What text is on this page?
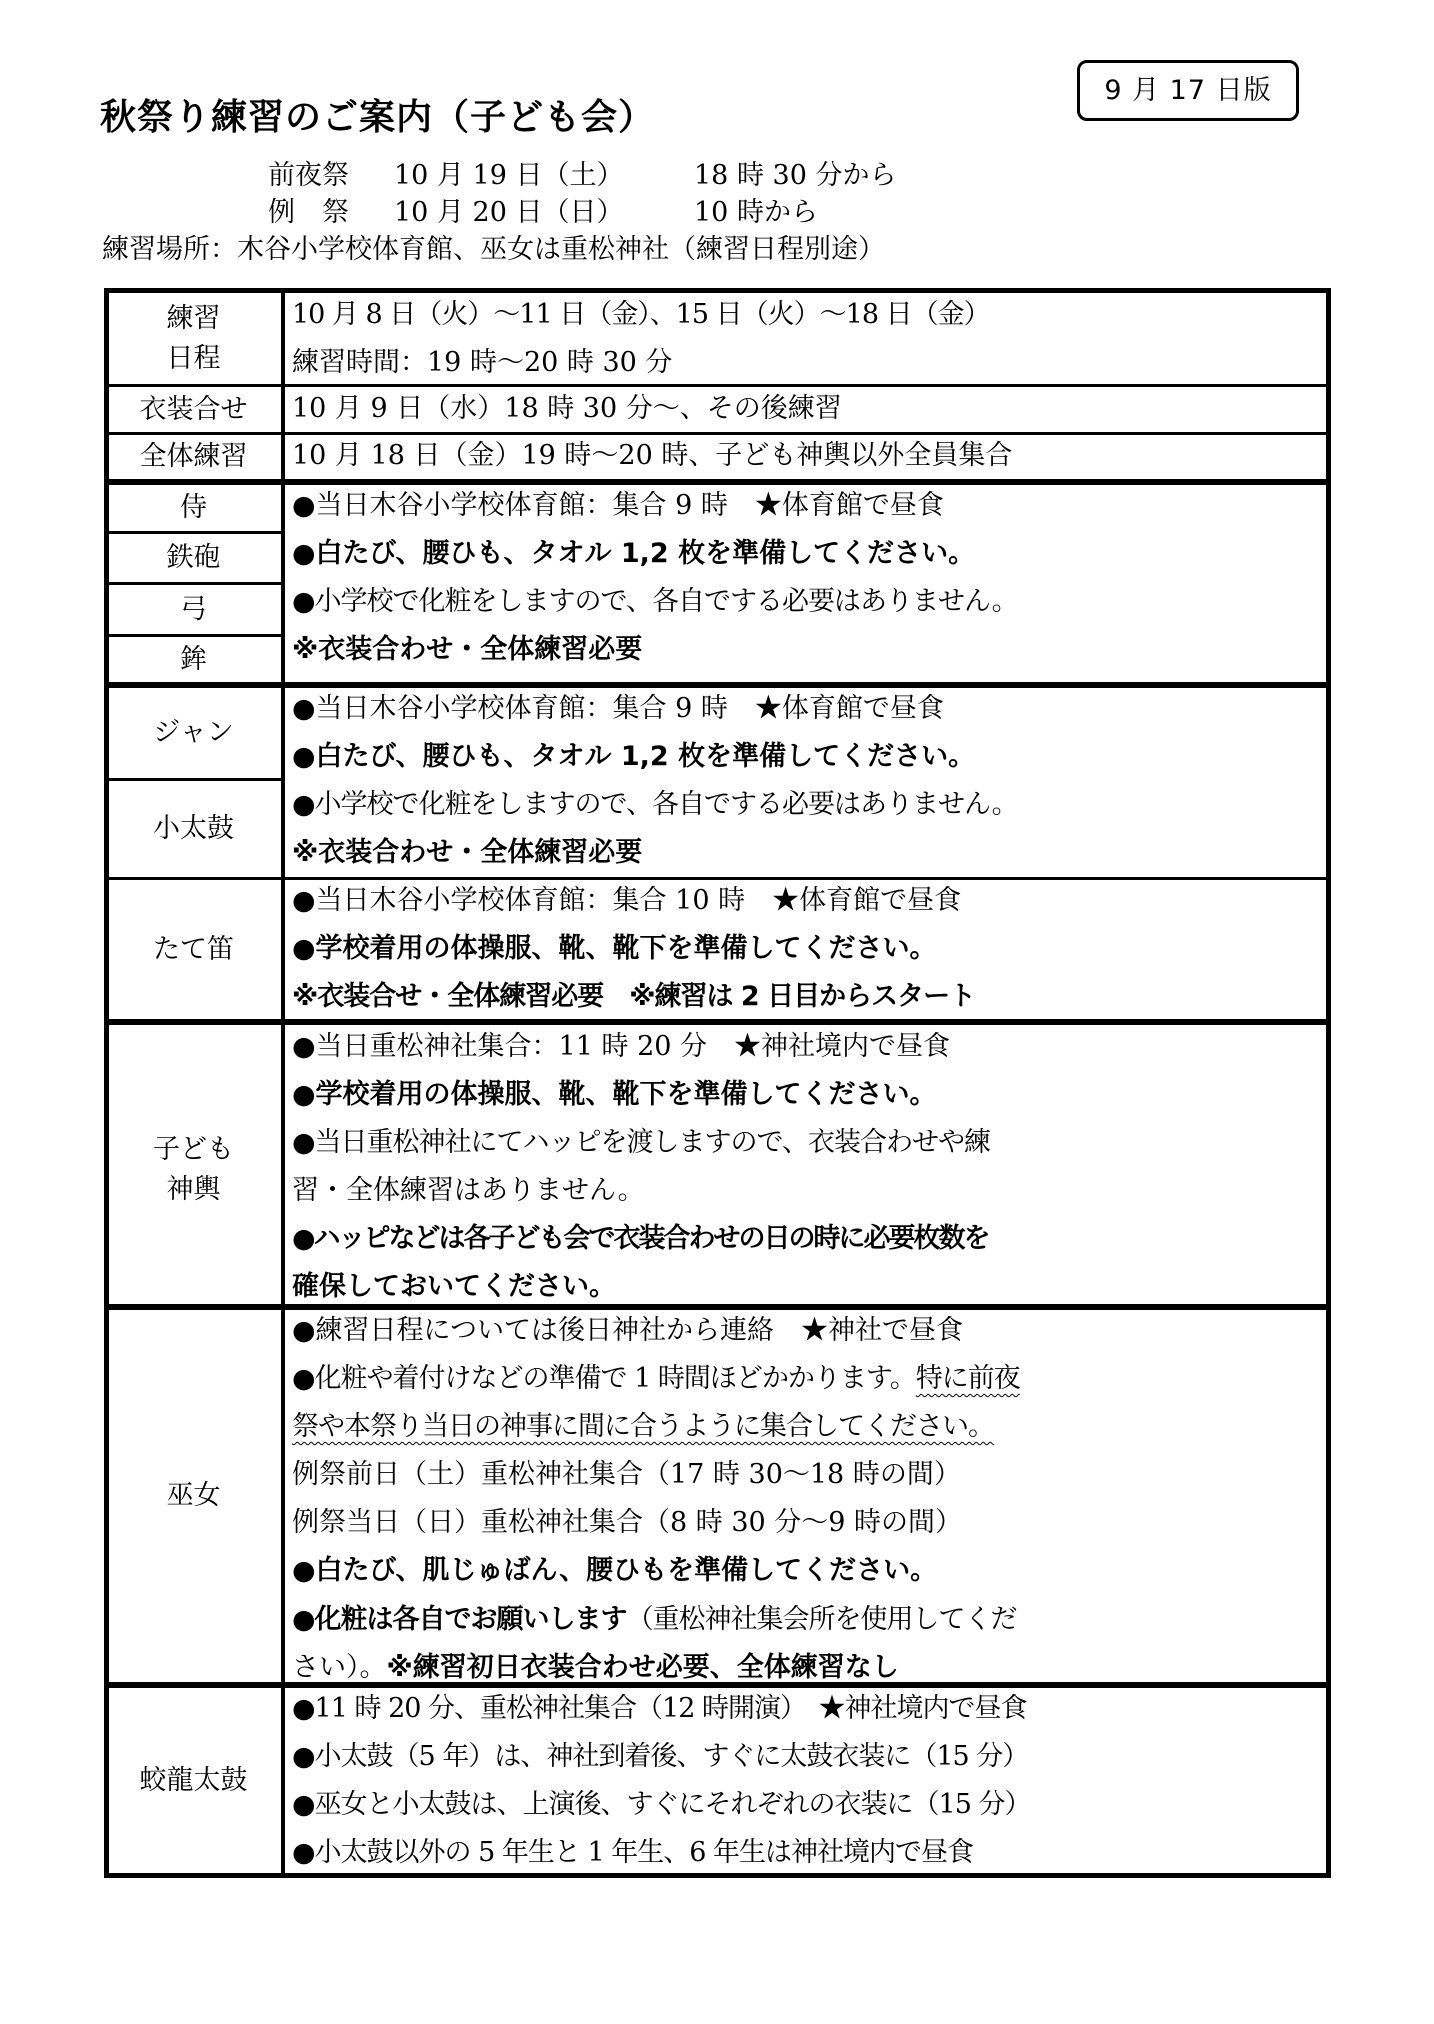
9 月 17 日版
秋祭り練習のご案内（子ども会）
前夜祭 10 月 19 日（土）	18 時 30 分から
例　祭 10 月 20 日（日）	10 時から
練習場所：木谷小学校体育館、巫女は重松神社（練習日程別途）
練習
日程
10 月 8 日（火）～11 日（金）、15 日（火）～18 日（金）
練習時間：19 時～20 時 30 分
衣装合せ 10 月 9 日（水）18 時 30 分～、その後練習
全体練習 10 月 18 日（金）19 時～20 時、子ども神輿以外全員集合
侍
鉄砲
弓
鉾
●当日木谷小学校体育館：集合 9 時　★体育館で昼食
●白たび、腰ひも、タオル 1,2 枚を準備してください。
●小学校で化粧をしますので、各自でする必要はありません。
※衣装合わせ・全体練習必要
ジャン
小太鼓
●当日木谷小学校体育館：集合 9 時　★体育館で昼食
●白たび、腰ひも、タオル 1,2 枚を準備してください。
●小学校で化粧をしますので、各自でする必要はありません。
※衣装合わせ・全体練習必要
たて笛
●当日木谷小学校体育館：集合 10 時　★体育館で昼食
●学校着用の体操服、靴、靴下を準備してください。
※衣装合せ・全体練習必要　※練習は 2 日目からスタート
子ども
神輿
●当日重松神社集合：11 時 20 分　★神社境内で昼食
●学校着用の体操服、靴、靴下を準備してください。
●当日重松神社にてハッピを渡しますので、衣装合わせや練
習・全体練習はありません。
●ハッピなどは各子ども会で衣装合わせの日の時に必要枚数を
確保しておいてください。
巫女
●練習日程については後日神社から連絡　★神社で昼食
●化粧や着付けなどの準備で 1 時間ほどかかります。特に前夜
祭や本祭り当日の神事に間に合うように集合してください。
例祭前日（土）重松神社集合（17 時 30～18 時の間）
例祭当日（日）重松神社集合（8 時 30 分～9 時の間）
●白たび、肌じゅばん、腰ひもを準備してください。
●化粧は各自でお願いします（重松神社集会所を使用してくだ
さい）。※練習初日衣装合わせ必要、全体練習なし
蛟龍太鼓
●11 時 20 分、重松神社集合（12 時開演）　★神社境内で昼食
●小太鼓（5 年）は、神社到着後、すぐに太鼓衣装に（15 分）
●巫女と小太鼓は、上演後、すぐにそれぞれの衣装に（15 分）
●小太鼓以外の 5 年生と 1 年生、6 年生は神社境内で昼食
